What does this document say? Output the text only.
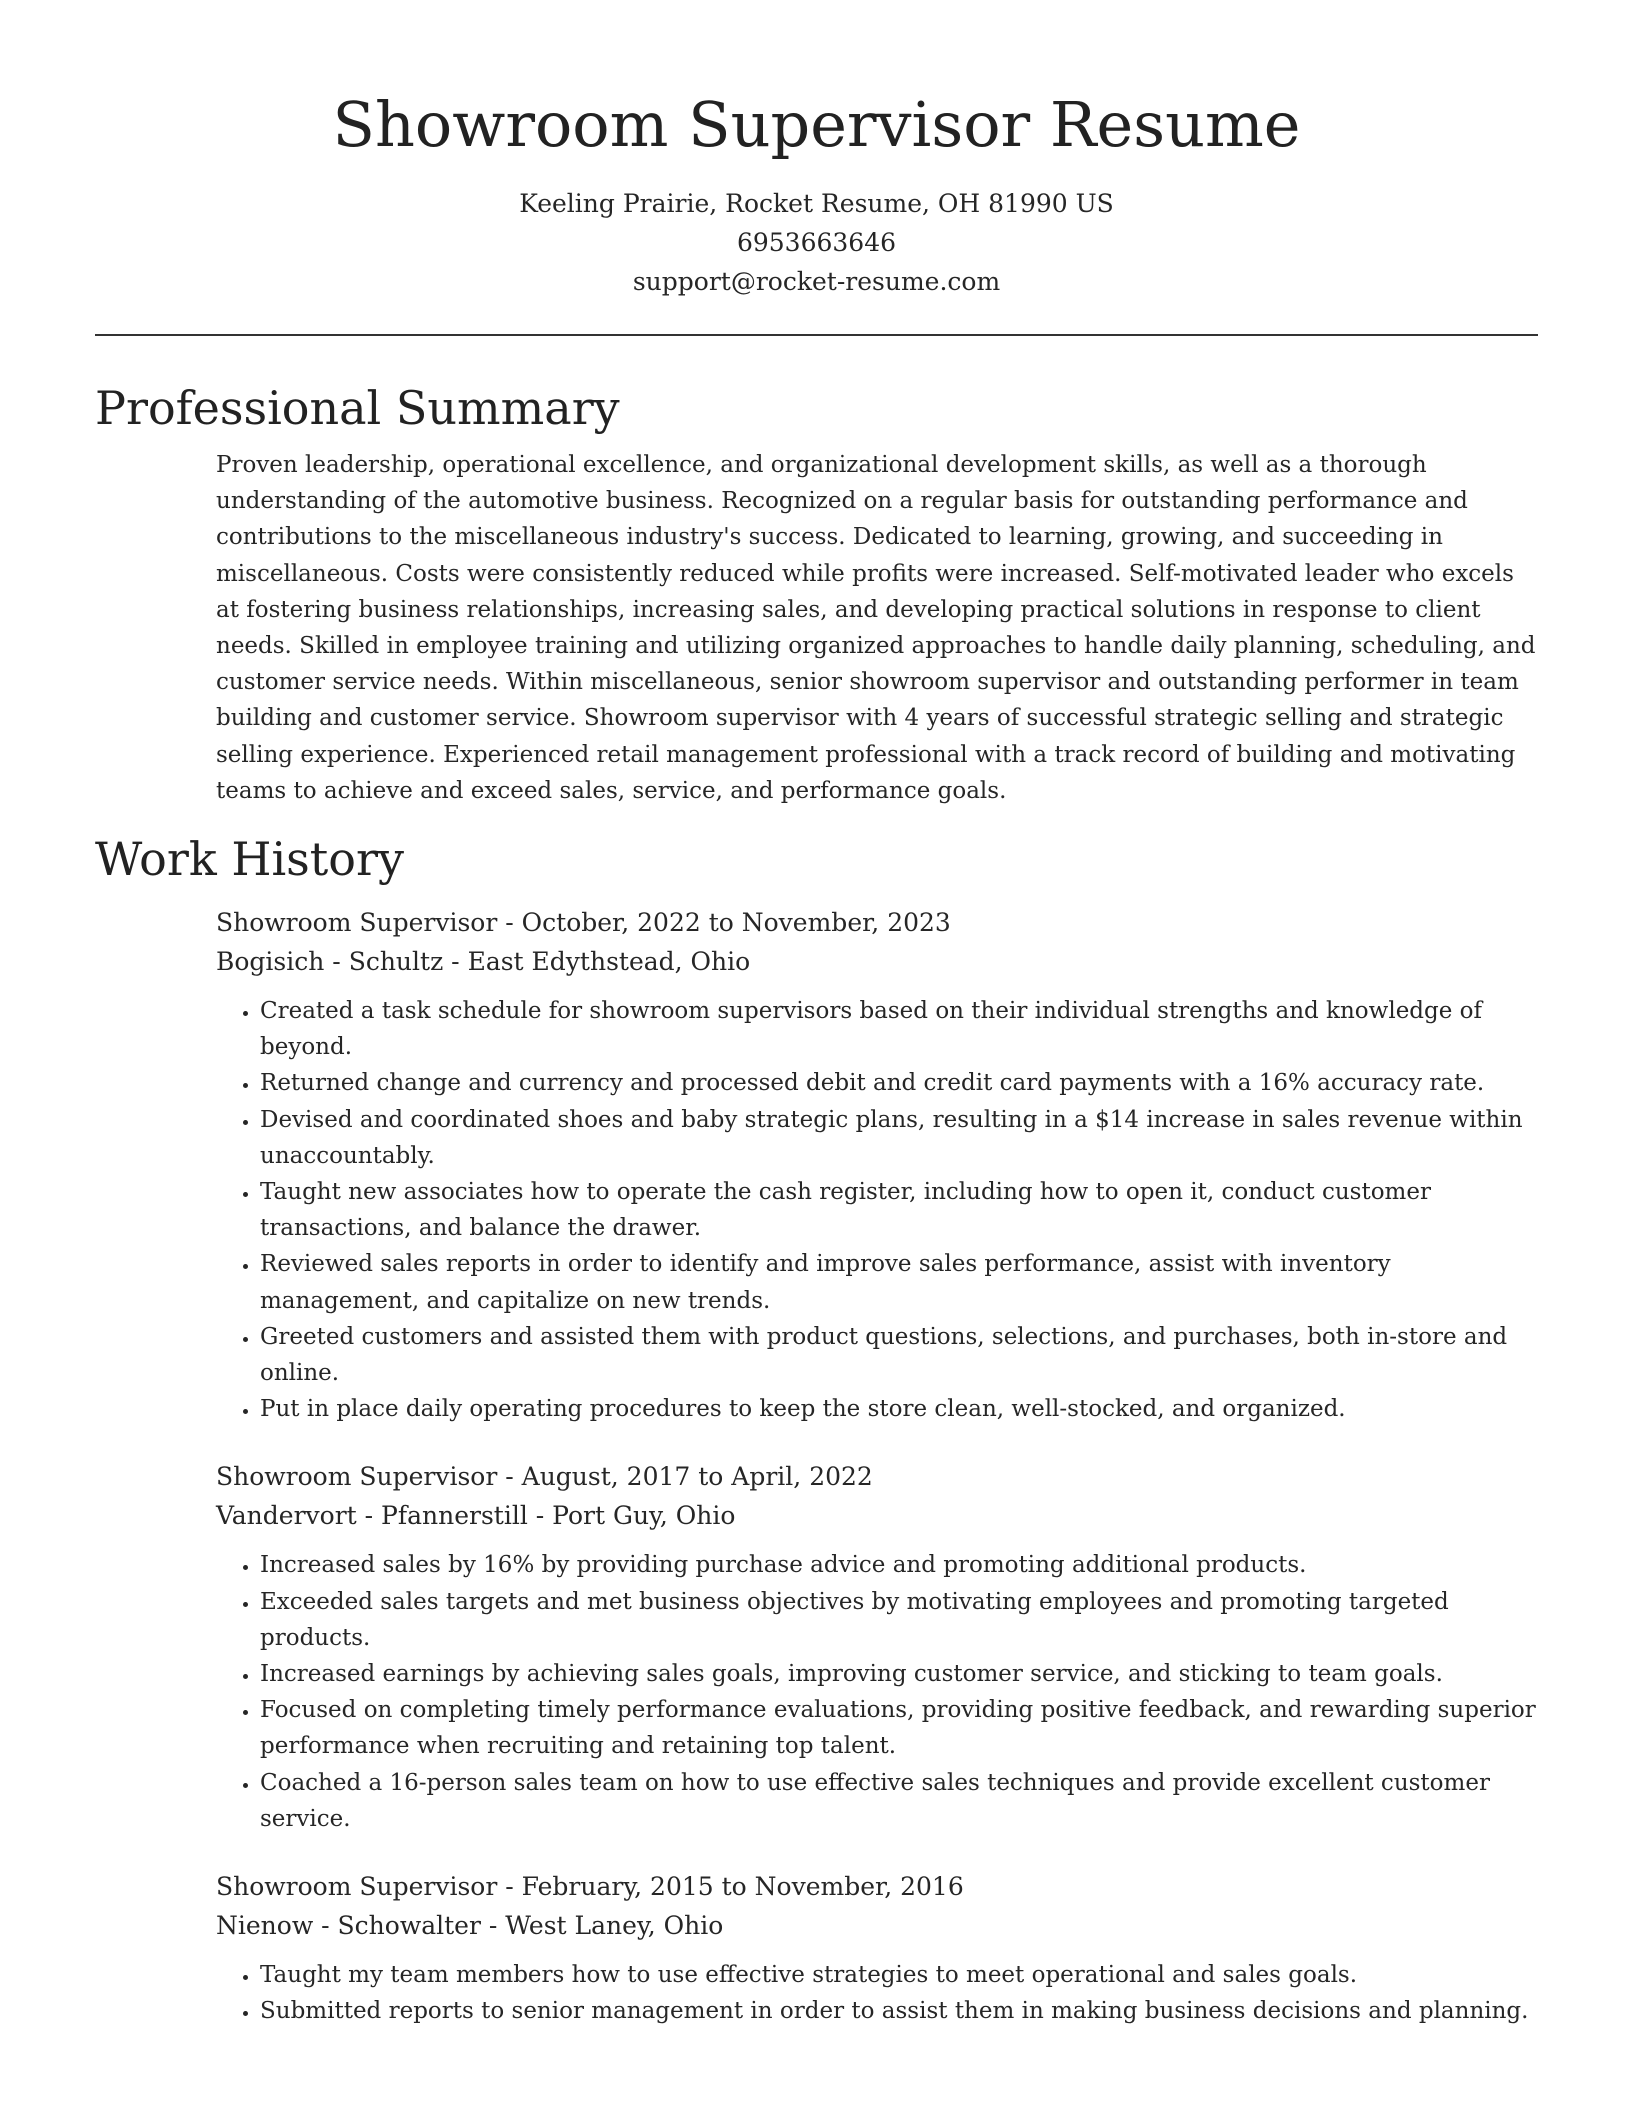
Showroom Supervisor Resume
Keeling Prairie, Rocket Resume, OH 81990 US
6953663646
support@rocket-resume.com
Professional Summary
Proven leadership, operational excellence, and organizational development skills, as well as a thorough understanding of the automotive business. Recognized on a regular basis for outstanding performance and contributions to the miscellaneous industry's success. Dedicated to learning, growing, and succeeding in miscellaneous. Costs were consistently reduced while profits were increased. Self-motivated leader who excels at fostering business relationships, increasing sales, and developing practical solutions in response to client needs. Skilled in employee training and utilizing organized approaches to handle daily planning, scheduling, and customer service needs. Within miscellaneous, senior showroom supervisor and outstanding performer in team building and customer service. Showroom supervisor with 4 years of successful strategic selling and strategic selling experience. Experienced retail management professional with a track record of building and motivating teams to achieve and exceed sales, service, and performance goals.
Work History
Showroom Supervisor - October, 2022 to November, 2023
Bogisich - Schultz - East Edythstead, Ohio
• Created a task schedule for showroom supervisors based on their individual strengths and knowledge of beyond.
• Returned change and currency and processed debit and credit card payments with a 16% accuracy rate.
• Devised and coordinated shoes and baby strategic plans, resulting in a $14 increase in sales revenue within unaccountably.
• Taught new associates how to operate the cash register, including how to open it, conduct customer transactions, and balance the drawer.
• Reviewed sales reports in order to identify and improve sales performance, assist with inventory management, and capitalize on new trends.
• Greeted customers and assisted them with product questions, selections, and purchases, both in-store and online.
• Put in place daily operating procedures to keep the store clean, well-stocked, and organized.
Showroom Supervisor - August, 2017 to April, 2022
Vandervort - Pfannerstill - Port Guy, Ohio
• Increased sales by 16% by providing purchase advice and promoting additional products.
• Exceeded sales targets and met business objectives by motivating employees and promoting targeted products.
• Increased earnings by achieving sales goals, improving customer service, and sticking to team goals.
• Focused on completing timely performance evaluations, providing positive feedback, and rewarding superior performance when recruiting and retaining top talent.
• Coached a 16-person sales team on how to use effective sales techniques and provide excellent customer service.
Showroom Supervisor - February, 2015 to November, 2016
Nienow - Schowalter - West Laney, Ohio
• Taught my team members how to use effective strategies to meet operational and sales goals.
• Submitted reports to senior management in order to assist them in making business decisions and planning.
